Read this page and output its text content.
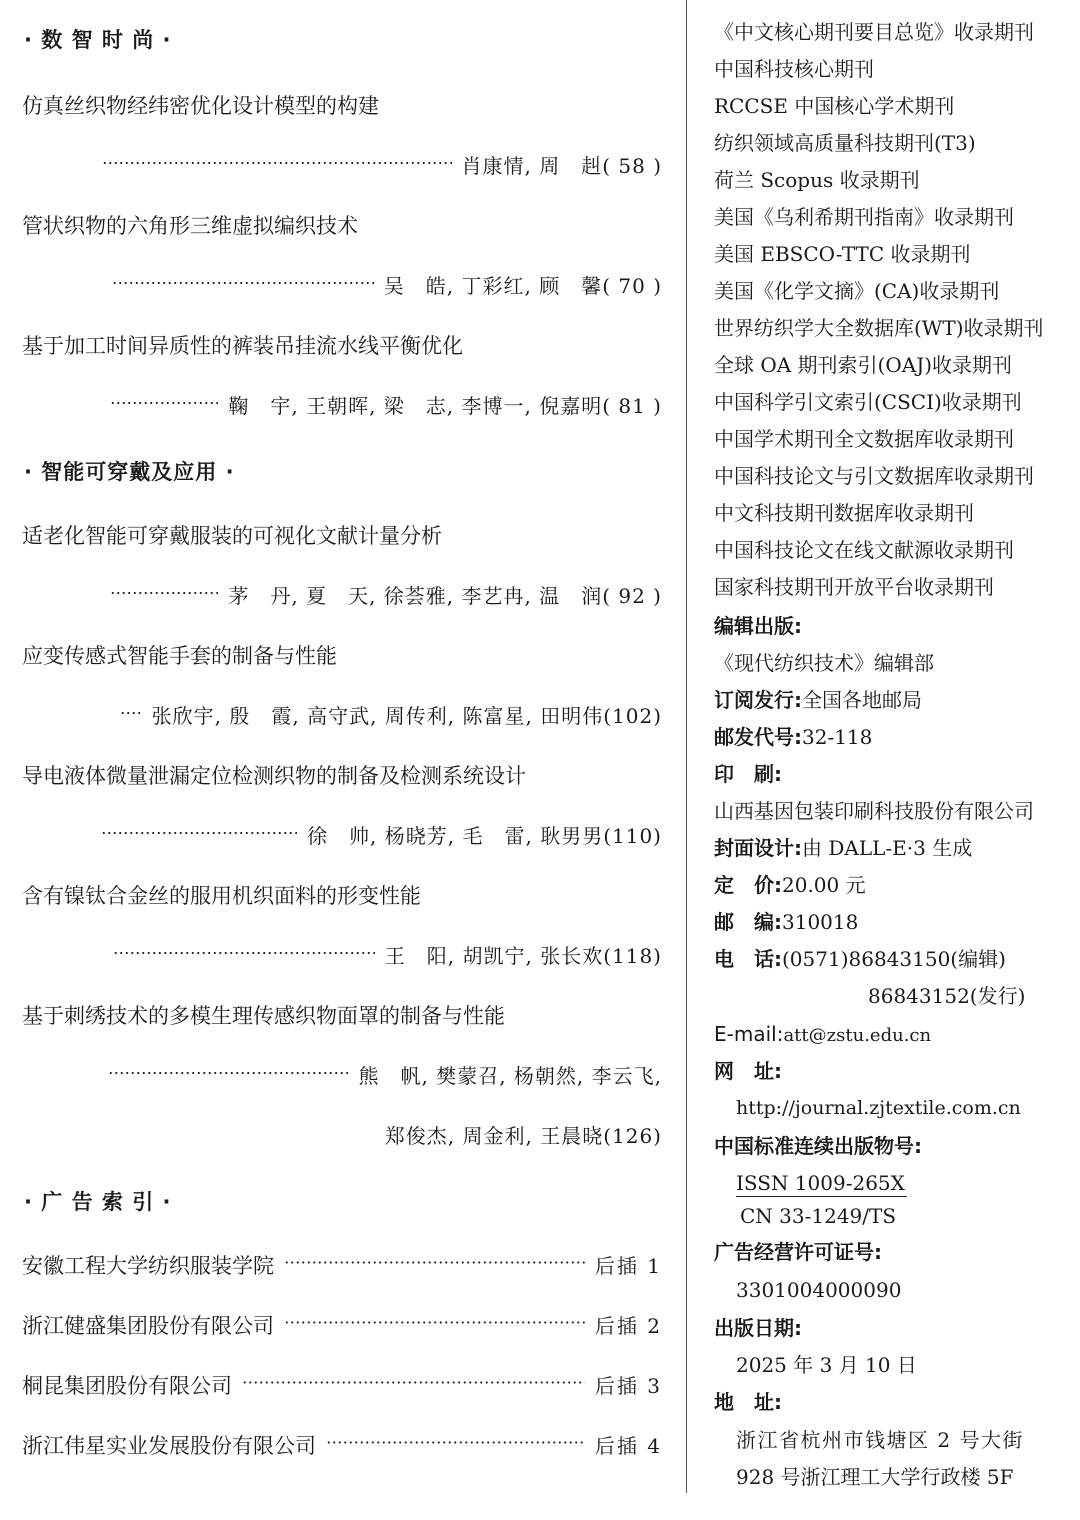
· 数 智 时 尚 ·
仿真丝织物经纬密优化设计模型的构建
肖康情, 周　赳( 58 )
管状织物的六角形三维虚拟编织技术
吴　皓, 丁彩红, 顾　馨( 70 )
基于加工时间异质性的裤装吊挂流水线平衡优化
鞠　宇, 王朝晖, 梁　志, 李博一, 倪嘉明( 81 )
· 智能可穿戴及应用 ·
适老化智能可穿戴服装的可视化文献计量分析
茅　丹, 夏　天, 徐荟雅, 李艺冉, 温　润( 92 )
应变传感式智能手套的制备与性能
张欣宇, 殷　霞, 高守武, 周传利, 陈富星, 田明伟(102)
导电液体微量泄漏定位检测织物的制备及检测系统设计
徐　帅, 杨晓芳, 毛　雷, 耿男男(110)
含有镍钛合金丝的服用机织面料的形变性能
王　阳, 胡凯宁, 张长欢(118)
基于刺绣技术的多模生理传感织物面罩的制备与性能
熊　帆, 樊蒙召, 杨朝然, 李云飞,
郑俊杰, 周金利, 王晨晓(126)
· 广 告 索 引 ·
安徽工程大学纺织服装学院	后插 1
浙江健盛集团股份有限公司	后插 2
桐昆集团股份有限公司	后插 3
浙江伟星实业发展股份有限公司	后插 4
《中文核心期刊要目总览》收录期刊
中国科技核心期刊
RCCSE 中国核心学术期刊
纺织领域高质量科技期刊(T3)
荷兰 Scopus 收录期刊
美国《乌利希期刊指南》收录期刊
美国 EBSCO-TTC 收录期刊
美国《化学文摘》(CA)收录期刊
世界纺织学大全数据库(WT)收录期刊
全球 OA 期刊索引(OAJ)收录期刊
中国科学引文索引(CSCI)收录期刊
中国学术期刊全文数据库收录期刊
中国科技论文与引文数据库收录期刊
中文科技期刊数据库收录期刊
中国科技论文在线文献源收录期刊
国家科技期刊开放平台收录期刊
编辑出版:
《现代纺织技术》编辑部
订阅发行:全国各地邮局
邮发代号:32-118
印　刷:
山西基因包装印刷科技股份有限公司
封面设计:由 DALL-E·3 生成
定　价:20.00 元
邮　编:310018
电　话:(0571)86843150(编辑)
86843152(发行)
E-mail:att@zstu.edu.cn
网　址:
http://journal.zjtextile.com.cn
中国标准连续出版物号:
ISSN 1009-265X
CN 33-1249/TS
广告经营许可证号:
3301004000090
出版日期:
2025 年 3 月 10 日
地　址:
浙江省杭州市钱塘区 2 号大街
928 号浙江理工大学行政楼 5F
